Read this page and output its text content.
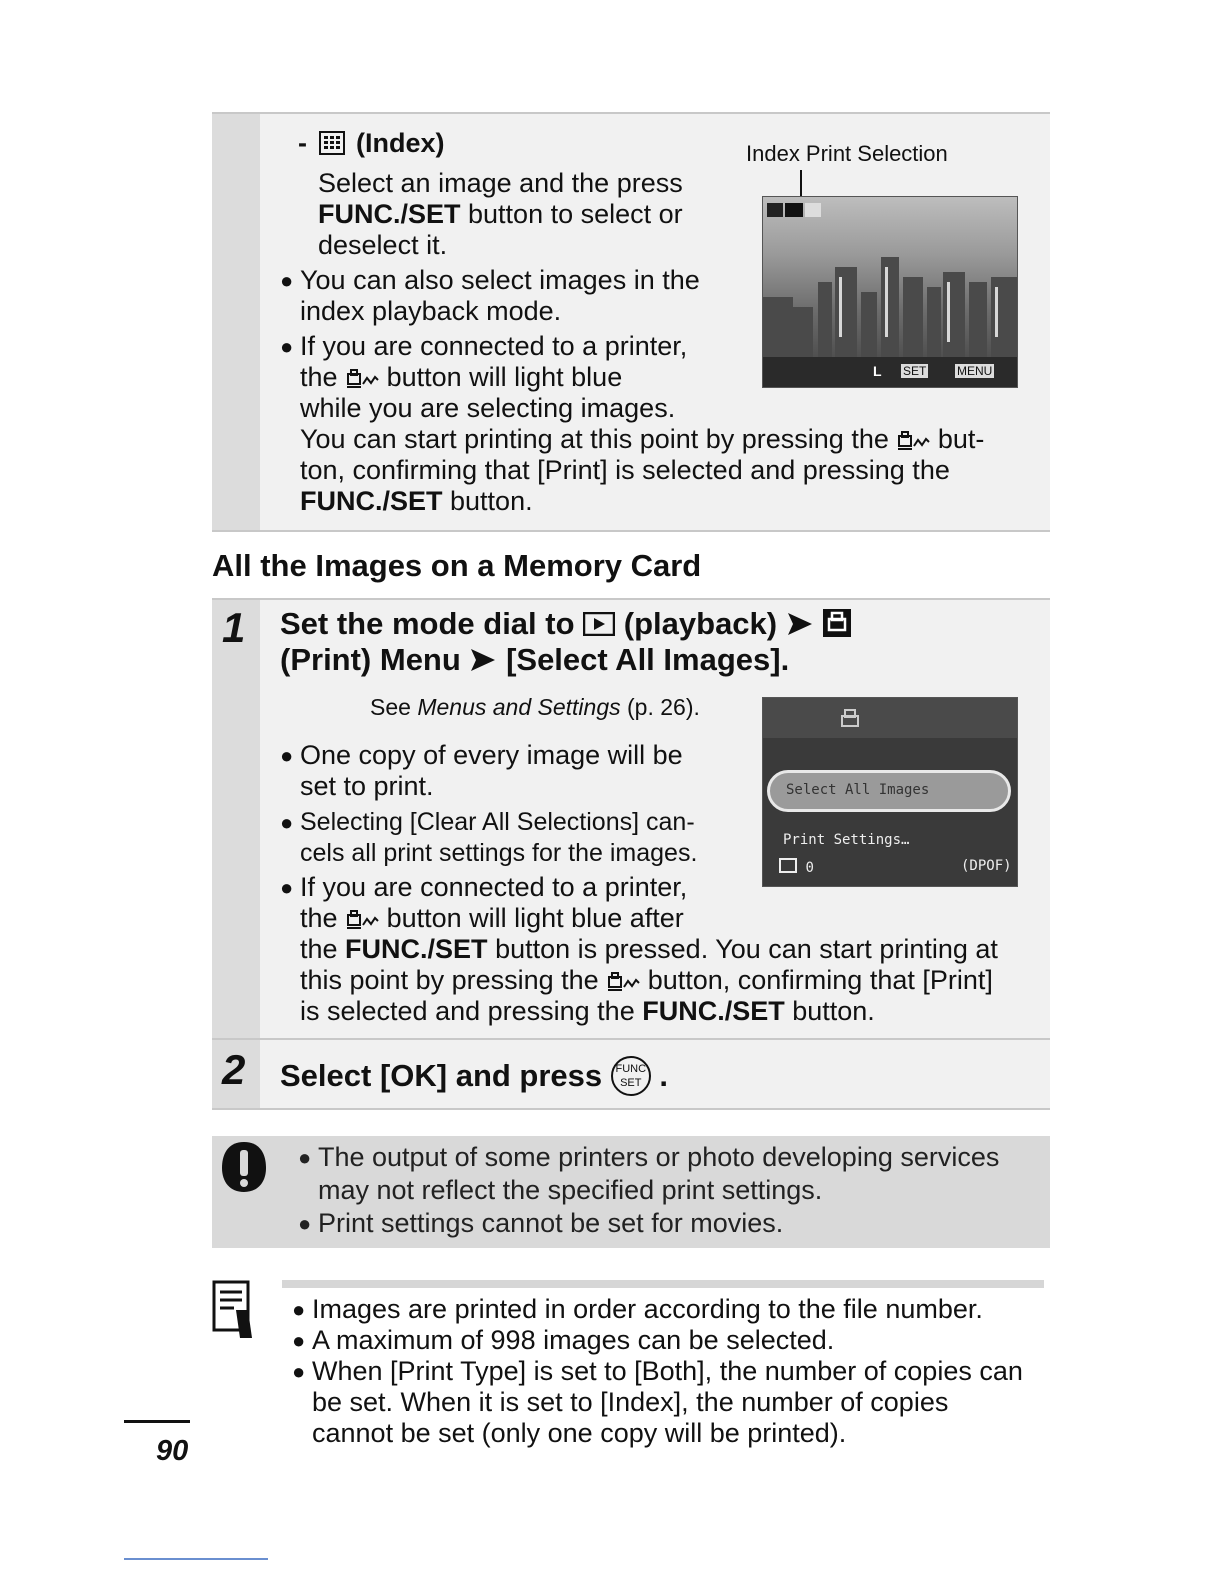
- (Index)
Select an image and the press
FUNC./SET button to select or
deselect it.
● You can also select images in the
index playback mode.
● If you are connected to a printer,
the  button will light blue
while you are selecting images.
You can start printing at this point by pressing the  but-
ton, confirming that [Print] is selected and pressing the
FUNC./SET button.
Index Print Selection
L SET	MENU
All the Images on a Memory Card
1 Set the mode dial to  (playback)
(Print) Menu [Select All Images].
See Menus and Settings (p. 26).
● One copy of every image will be
set to print.
● Selecting [Clear All Selections] can-
cels all print settings for the images.
● If you are connected to a printer,
the  button will light blue after
the FUNC./SET button is pressed. You can start printing at
this point by pressing the  button, confirming that [Print]
is selected and pressing the FUNC./SET button.
Select All Images
Print Settings…
0	(DPOF)
2 Select [OK] and press FUNC
SET .
● The output of some printers or photo developing services
may not reflect the specified print settings.
● Print settings cannot be set for movies.
● Images are printed in order according to the file number.
● A maximum of 998 images can be selected.
● When [Print Type] is set to [Both], the number of copies can
be set. When it is set to [Index], the number of copies
cannot be set (only one copy will be printed).
90
